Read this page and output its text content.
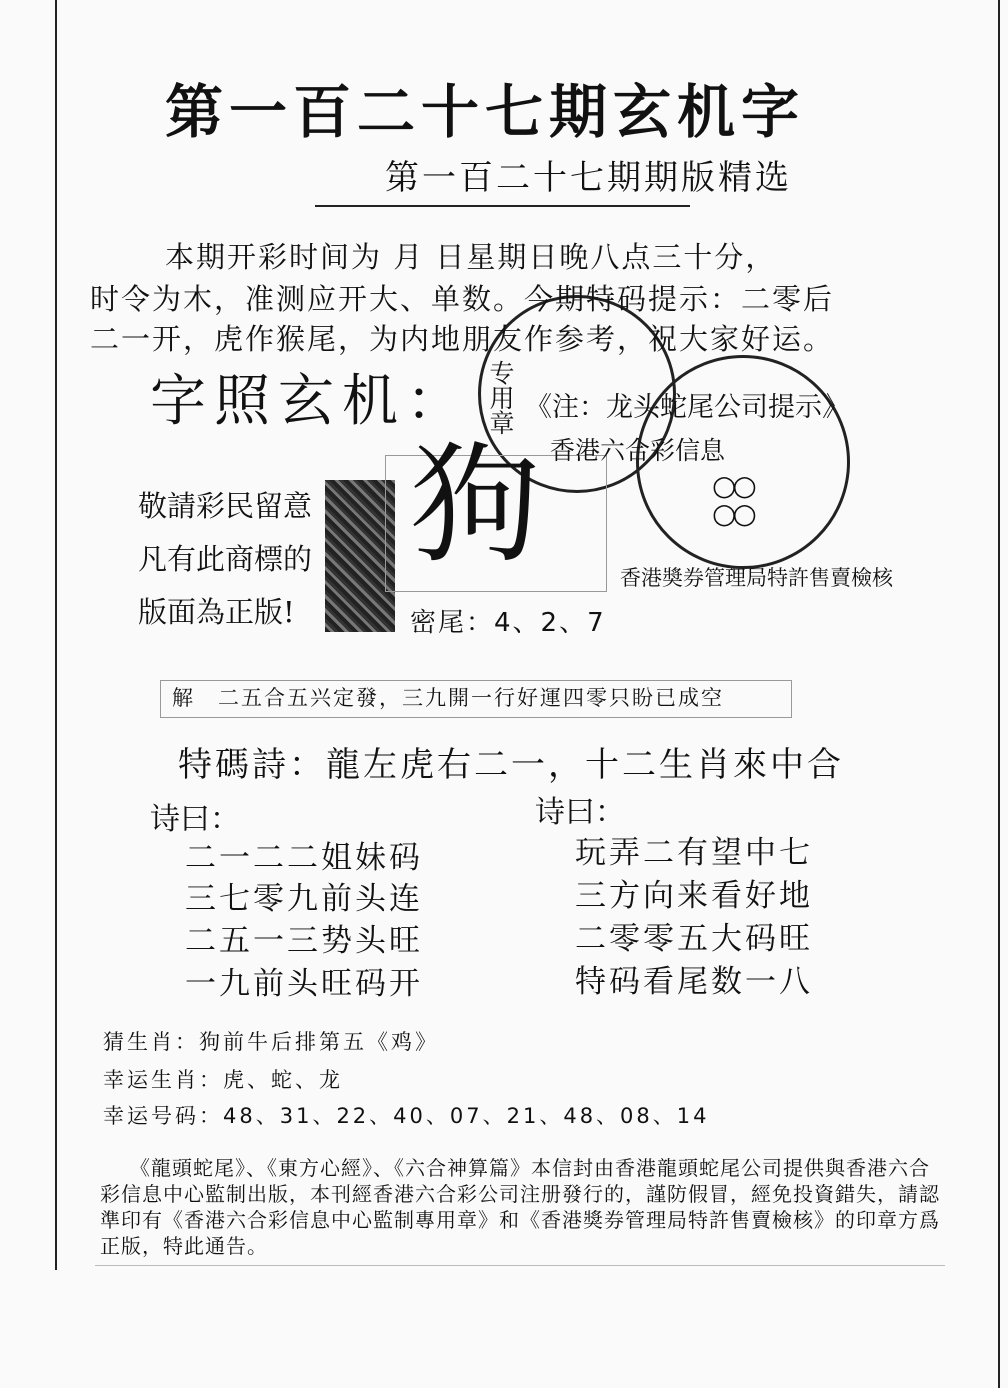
第一百二十七期玄机字
第一百二十七期期版精选
本期开彩时间为 月 日星期日晚八点三十分，
时令为木，准测应开大、单数。今期特码提示：二零后
二一开，虎作猴尾，为内地朋友作参考，祝大家好运。
字照玄机： 《注：龙头蛇尾公司提示》
专用章
香港六合彩信息
○○
○○
香港奬券管理局特許售賣檢核
敬請彩民留意
凡有此商標的
版面為正版!
狗
密尾：4、2、7
解　二五合五兴定發，三九開一行好運四零只盼已成空
特碼詩：龍左虎右二一，十二生肖來中合
诗曰：
二一二二姐妹码
三七零九前头连
二五一三势头旺
一九前头旺码开
诗曰：
玩弄二有望中七
三方向来看好地
二零零五大码旺
特码看尾数一八
猜生肖：狗前牛后排第五《鸡》
幸运生肖：虎、蛇、龙
幸运号码：48、31、22、40、07、21、48、08、14
《龍頭蛇尾》、《東方心經》、《六合神算篇》本信封由香港龍頭蛇尾公司提供與香港六合彩信息中心監制出版，本刊經香港六合彩公司注册發行的，謹防假冒，經免投資錯失，請認準印有《香港六合彩信息中心監制專用章》和《香港獎券管理局特許售賣檢核》的印章方爲正版，特此通告。
